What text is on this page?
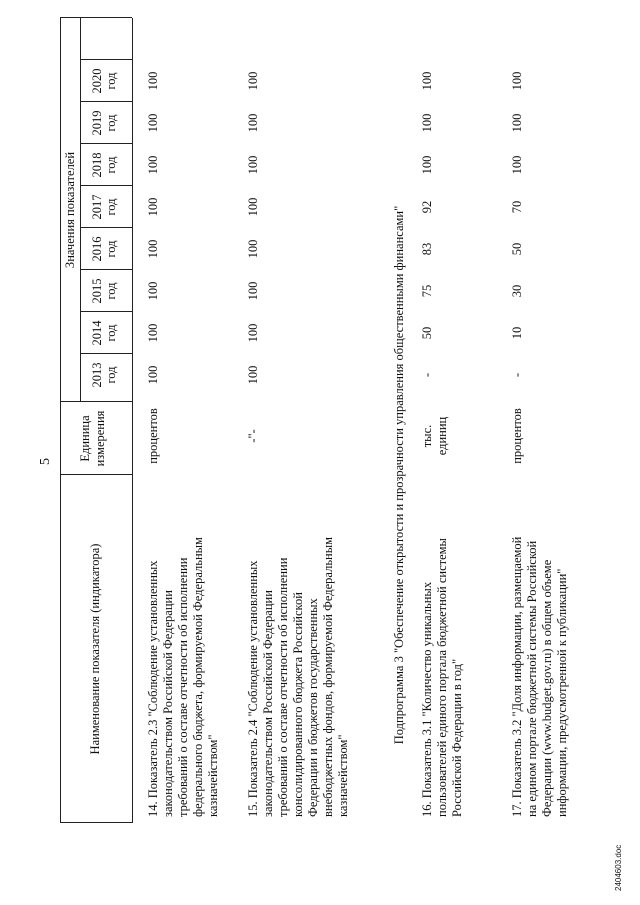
5
Наименование показателя (индикатора)
Единица измерения
Значения показателей
2013 год
2014 год
2015 год
2016 год
2017 год
2018 год
2019 год
2020 год
14. Показатель 2.3 "Соблюдение установленных законодательством Российской Федерации требований о составе отчетности об исполнении федерального бюджета, формируемой Федеральным казначейством"
процентов
100
100
100
100
100
100
100
100
15. Показатель 2.4 "Соблюдение установленных законодательством Российской Федерации требований о составе отчетности об исполнении консолидированного бюджета Российской Федерации и бюджетов государственных внебюджетных фондов, формируемой Федеральным казначейством"
-"-
100
100
100
100
100
100
100
100
Подпрограмма 3 "Обеспечение открытости и прозрачности управления общественными финансами" 16. Показатель 3.1 "Количество уникальных пользователей единого портала бюджетной системы Российской Федерации в год"
тыс. единиц
-
50
75
83
92
100
100
100
17. Показатель 3.2 "Доля информации, размещаемой на едином портале бюджетной системы Российской Федерации (www.budget.gov.ru) в общем объеме информации, предусмотренной к публикации"
процентов
-
10
30
50
70
100
100
100
2404603.doc
